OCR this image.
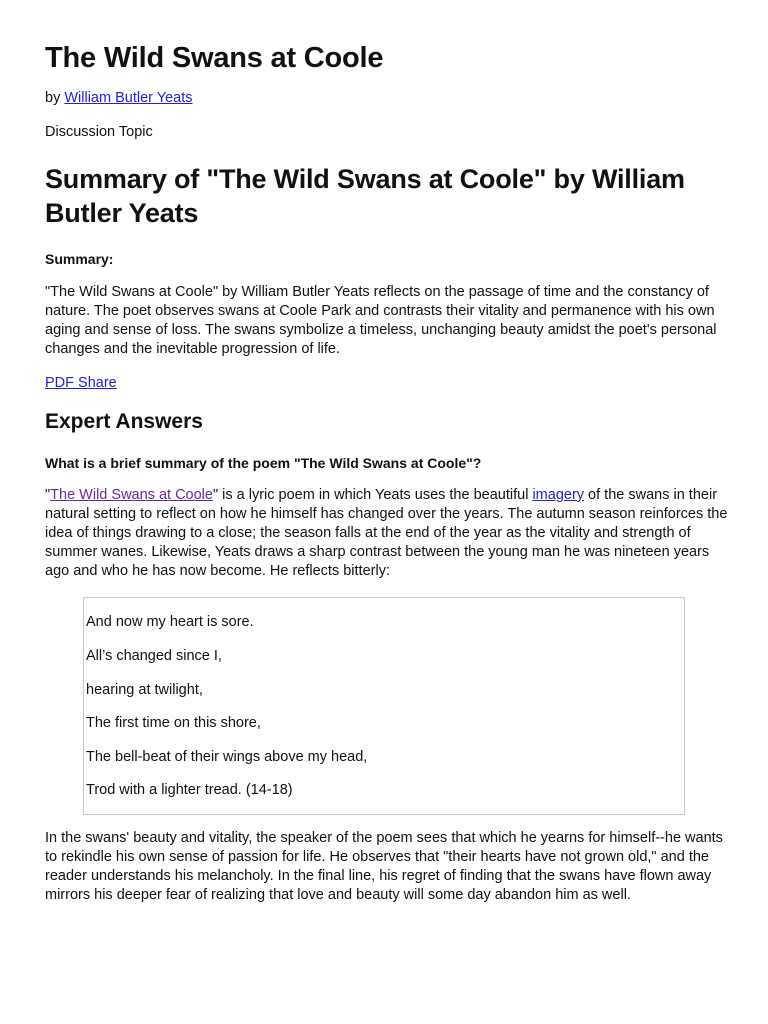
The Wild Swans at Coole
by William Butler Yeats
Discussion Topic
Summary of "The Wild Swans at Coole" by William Butler Yeats
Summary:

"The Wild Swans at Coole" by William Butler Yeats reflects on the passage of time and the constancy of nature. The poet observes swans at Coole Park and contrasts their vitality and permanence with his own aging and sense of loss. The swans symbolize a timeless, unchanging beauty amidst the poet's personal changes and the inevitable progression of life.

PDF Share
Expert Answers
What is a brief summary of the poem "The Wild Swans at Coole"?

"The Wild Swans at Coole" is a lyric poem in which Yeats uses the beautiful imagery of the swans in their natural setting to reflect on how he himself has changed over the years. The autumn season reinforces the idea of things drawing to a close; the season falls at the end of the year as the vitality and strength of summer wanes. Likewise, Yeats draws a sharp contrast between the young man he was nineteen years ago and who he has now become. He reflects bitterly:

And now my heart is sore.
All’s changed since I,
hearing at twilight,
The first time on this shore,
The bell-beat of their wings above my head,
Trod with a lighter tread. (14-18)

In the swans' beauty and vitality, the speaker of the poem sees that which he yearns for himself--he wants to rekindle his own sense of passion for life. He observes that "their hearts have not grown old," and the reader understands his melancholy. In the final line, his regret of finding that the swans have flown away mirrors his deeper fear of realizing that love and beauty will some day abandon him as well.
